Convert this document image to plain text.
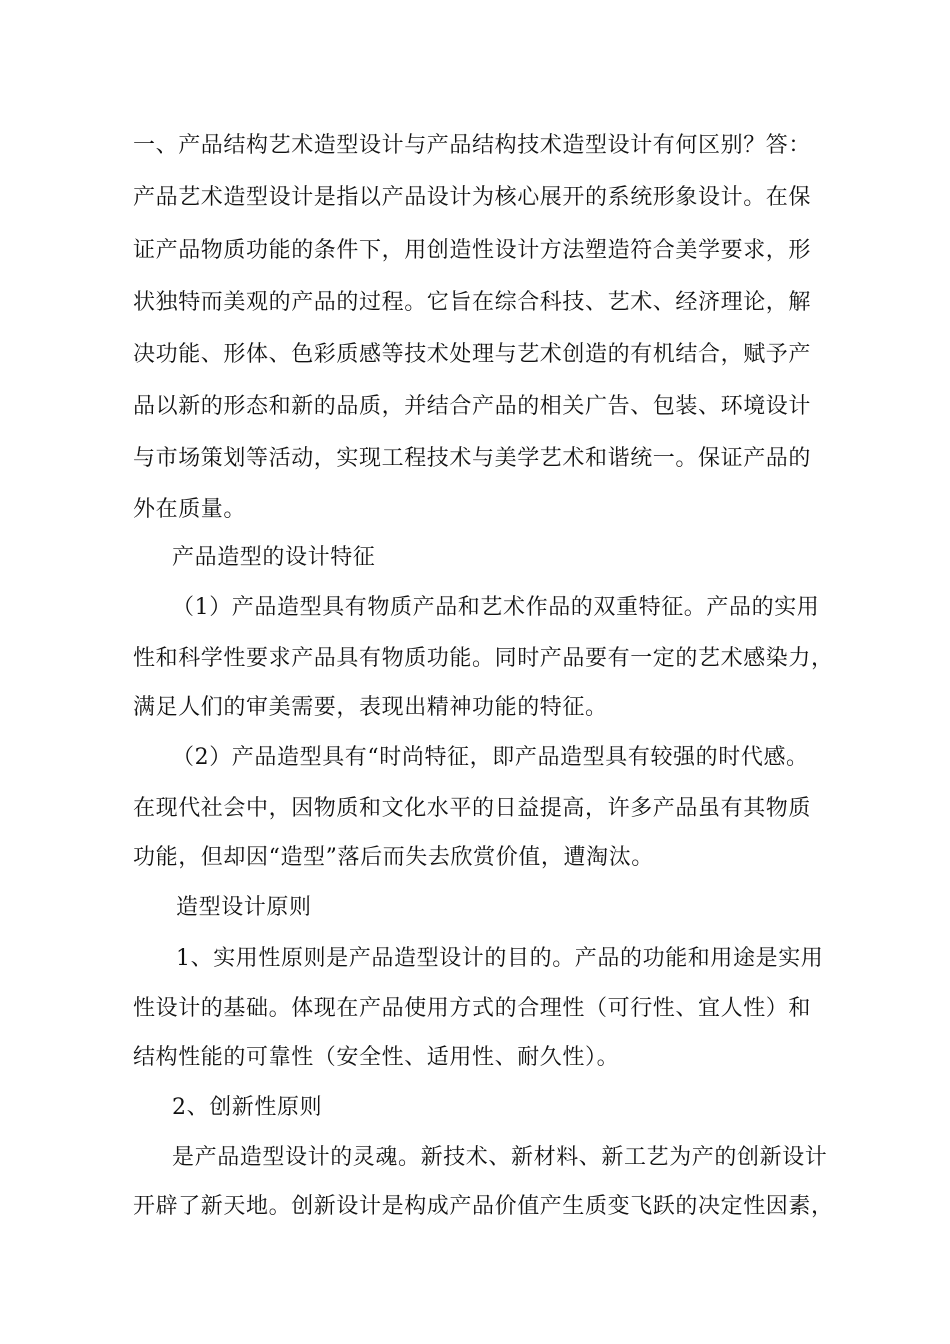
一、产品结构艺术造型设计与产品结构技术造型设计有何区别？答：
产品艺术造型设计是指以产品设计为核心展开的系统形象设计。在保
证产品物质功能的条件下，用创造性设计方法塑造符合美学要求，形
状独特而美观的产品的过程。它旨在综合科技、艺术、经济理论，解
决功能、形体、色彩质感等技术处理与艺术创造的有机结合，赋予产
品以新的形态和新的品质，并结合产品的相关广告、包装、环境设计
与市场策划等活动，实现工程技术与美学艺术和谐统一。保证产品的
外在质量。
产品造型的设计特征
（1）产品造型具有物质产品和艺术作品的双重特征。产品的实用
性和科学性要求产品具有物质功能。同时产品要有一定的艺术感染力，
满足人们的审美需要，表现出精神功能的特征。
（2）产品造型具有“时尚特征，即产品造型具有较强的时代感。
在现代社会中，因物质和文化水平的日益提高，许多产品虽有其物质
功能，但却因“造型”落后而失去欣赏价值，遭淘汰。
造型设计原则
1、实用性原则是产品造型设计的目的。产品的功能和用途是实用
性设计的基础。体现在产品使用方式的合理性（可行性、宜人性）和
结构性能的可靠性（安全性、适用性、耐久性）。
2、创新性原则
是产品造型设计的灵魂。新技术、新材料、新工艺为产的创新设计
开辟了新天地。创新设计是构成产品价值产生质变飞跃的决定性因素，
